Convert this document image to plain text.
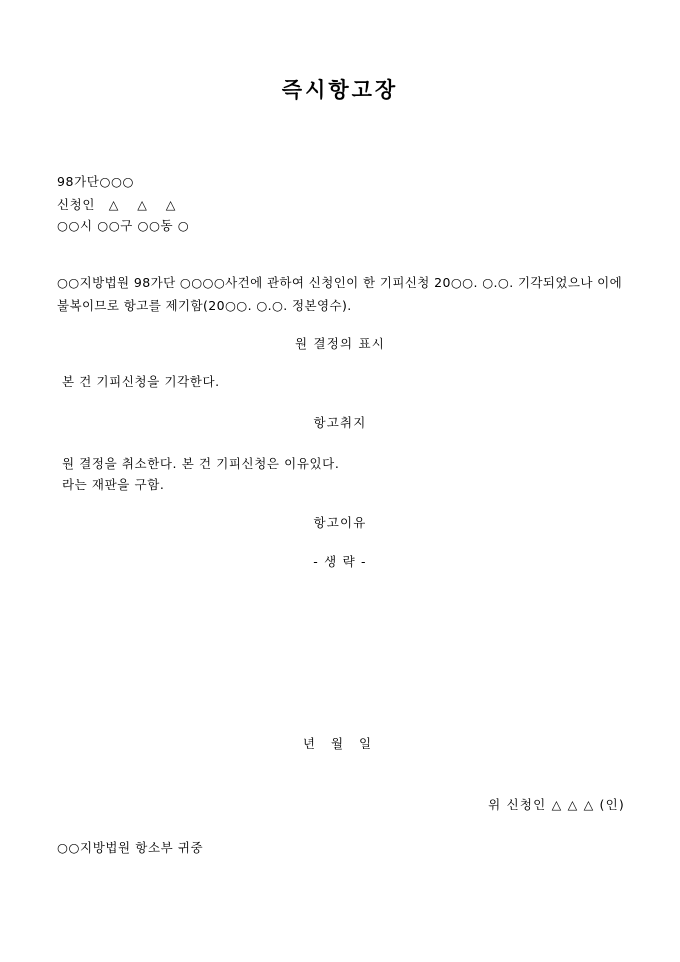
즉시항고장
98가단○○○
신청인   △    △    △
○○시 ○○구 ○○동 ○
○○지방법원 98가단 ○○○○사건에 관하여 신청인이 한 기피신청 20○○. ○.○. 기각되었으나 이에 불복이므로 항고를 제기함(20○○. ○.○. 정본영수).
원 결정의 표시
본 건 기피신청을 기각한다.
항고취지
원 결정을 취소한다. 본 건 기피신청은 이유있다.
라는 재판을 구함.
항고이유
- 생 략 -
년 월 일
위 신청인 △ △ △ (인)
○○지방법원 항소부 귀중
